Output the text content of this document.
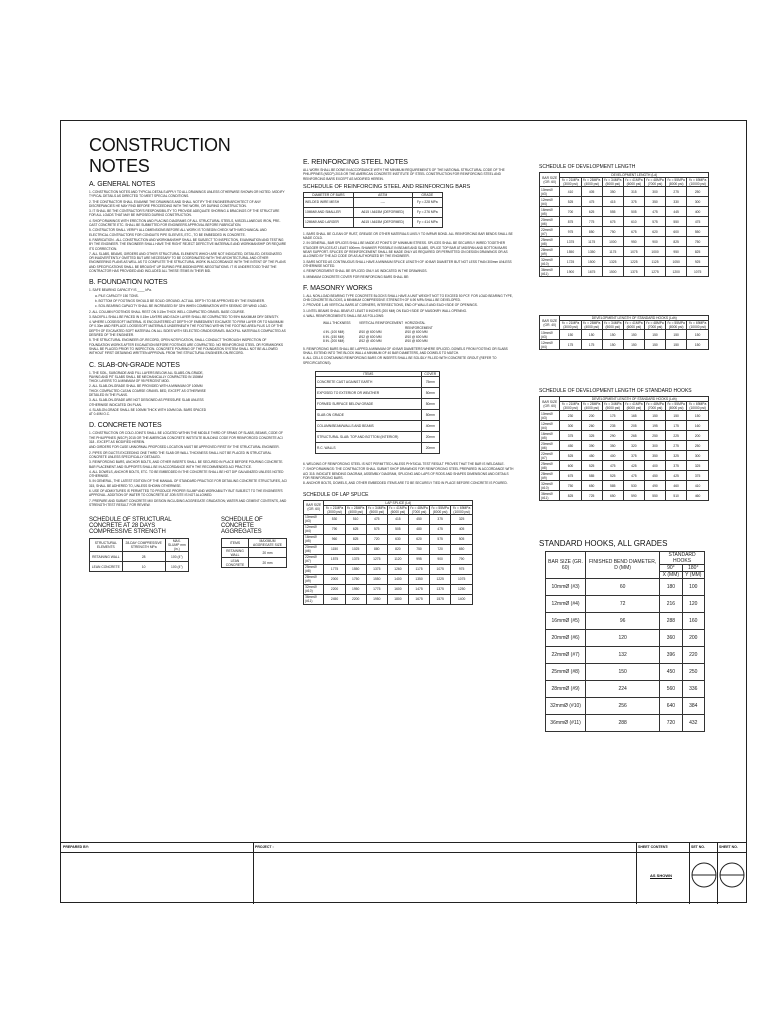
CONSTRUCTION NOTES
A. GENERAL NOTES
1. CONSTRUCTION NOTES AND TYPICAL DETAILS APPLY TO ALL DRAWINGS UNLESS OTHERWISE SHOWN OR NOTED. MODIFY TYPICAL DETAILS AS DIRECTED TO MEET SPECIAL CONDITIONS.
2. THE CONTRACTOR SHALL EXAMINE THE DRAWINGS AND SHALL NOTIFY THE ENGINEER/ARCHITECT OF ANY DISCREPANCIES HE MAY FIND BEFORE PROCEEDING WITH THE WORK, OR DURING CONSTRUCTION.
3. IT SHALL BE THE CONTRACTOR'S RESPONSIBILITY TO PROVIDE ADEQUATE SHORING & BRACINGS OF THE STRUCTURE FOR ALL LOADS THAT MAY BE IMPOSED DURING CONSTRUCTION.
4. SHOP DRAWINGS WITH ERECTION AND PLACING DIAGRAMS OF ALL STRUCTURAL STEELS, MISCELLANEOUS IRON, PRE-CAST CONCRETE ETC. SHALL BE SUBMITTED FOR ENGINEERS APPROVAL BEFORE FABRICATION.
5. CONTRACTOR SHALL VERIFY ALL DIMENSIONS BEFORE ALL WORK IS TO BEGIN CHECK WITH MECHANICAL AND ELECTRICAL CONTRACTORS FOR CONDUITS PIPE SLEEVES, ETC., TO BE EMBEDDED IN CONCRETE.
6. FABRICATION - ALL CONSTRUCTION AND WORKMANSHIP SHALL BE SUBJECT TO INSPECTION, EXAMINATION AND TESTING BY THE ENGINEER. THE ENGINEER SHALL HAVE THE RIGHT REJECT DEFECTIVE MATERIALS AND WORKMANSHIP OR REQUIRE ITS CORRECTION.
7. ALL SLABS, BEAMS, GIRDERS AND OTHER STRUCTURAL ELEMENTS WHICH ARE NOT INDICATED, DETAILED, DESIGNATED OR INADVERTENTLY OMITTED BUT ARE NECESSARY TO BE COORDINATED WITH THE ARCHITECTURAL AND OTHER ENGINEERING PLANS AS WELL AS TO COMPLETE THE STRUCTURAL WORK IN ACCORDANCE WITH THE INTENT OF THE PLANS AND SPECIFICATIONS SHALL BE BROUGHT UP DURING PRE-BIDDING/PRE-NEGOTIATIONS. IT IS UNDERSTOOD THAT THE CONTRACTOR HAS PROVIDED AND INCLUDED ALL THESE ITEMS IN THEIR BID.
B. FOUNDATION NOTES
1. SAFE BEARING CAPACITY IS ____ kPa.
a. PILE CAPACITY 150 TONS.
b. BOTTOM OF FOOTINGS SHOULD BE SOLID GROUND. ACTUAL DEPTH TO BE APPROVED BY THE ENGINEER.
c. SOIL BEARING CAPACITY SHALL BE INCREASED BY 33% WHEN COMBINATION WITH SEISMIC OR WIND LOAD.
2. ALL COLUMN FOOTINGS SHALL REST ON 0.15m THICK WELL COMPACTED GRAVEL BASE COURSE.
3. BACKFILL SHALL BE PACED IN 0.15m LAYERS AND EACH LAYER SHALL BE COMPACTED TO 95% MAXIMUM DRY DENSITY.
4. WHERE LOOSE/SOFT MATERIAL IS ENCOUNTERED AT DEPTH OF EMBEDMENT EXCAVATE TO FIRM LAYER OR TO MAXIMUM OF 0.30m AND REPLACE LOOSE/SOFT MATERIALS UNDERNEATH THE FOOTING WITHIN THE FOOTING AREA PLUS 1/2 OF THE DEPTH OF EXCAVATED SOFT MATERIAL ON ALL SIDES WITH SELECTED GRADE/GRAVEL BACKFILL MATERIALS COMPACTED AS DESIRED OF THE ENGINEER.
5. THE STRUCTURAL ENGINEER-OF-RECORD, OPEN NOTIFICATION, SHALL CONDUCT THOROUGH INSPECTION OF FOUNDATION WORKS AFTER EXCAVATION BEFORE FOOTINGS ARE COMPACTED. NO REINFORCING STEEL OR FORMWORKS SHALL BE PLACED PRIOR TO INSPECTION. CONCRETE POURING OF THE FOUNDATION SYSTEM SHALL NOT BE ALLOWED WITHOUT FIRST OBTAINING WRITTEN APPROVAL FROM THE STRUCTURAL ENGINEER-ON-RECORD.
C. SLAB-ON-GRADE NOTES
1. THE SOIL, SUBGRADE AND FILL LAYERS BELOW ALL SLABS-ON-GRADE, PAVING AND PIT SLABS SHALL BE MECHANICALLY COMPACTED IN 150MM THICK LAYERS TO A MINIMUM OF 95 PERCENT MDD.
2. ALL SLAB-ON-GRADE SHALL BE PROVIDED WITH A MINIMUM OF 100MM THICK COMPACTED CLEAN COARSE GRAVEL BED, EXCEPT AS OTHERWISE DETAILED IN THE PLANS.
3. ALL SLAB-ON-GRADE ARE NOT DESIGNED AS PRESSURE SLAB UNLESS OTHERWISE INDICATED ON PLAN.
4. SLAB-ON-GRADE SHALL BE 100MM THICK WITH 10MM DIA. BARS SPACED AT 0.40M O.C.
D. CONCRETE NOTES
1. CONSTRUCTION OR COLD JOINTS SHALL BE LOCATED WITHIN THE MIDDLE THIRD OF SPANS OF SLABS, BEAMS, CODE OF THE PHILIPPINES (NSCP) 2015 OR THE AMERICAN CONCRETE INSTITUTE BUILDING CODE FOR REINFORCED CONCRETE ACI 318 - EXCEPT AS MODIFIED HEREIN.
AND GIRDERS FOR CASE UNNORMAL PROPOSED LOCATION MUST BE APPROVED FIRST BY THE STRUCTURAL ENGINEER.
2. PIPES OR DUCTS EXCEEDING ONE THIRD THE SLAB OR WALL THICKNESS SHALL NOT BE PLACED IN STRUCTURAL CONCRETE UNLESS SPECIFICALLY DETAILED.
3. REINFORCING BARS, ANCHOR BOLTS, AND OTHER INSERTS SHALL BE SECURED IN PLACE BEFORE POURING CONCRETE. BAR PLACEMENT AND SUPPORTS SHALL BE IN ACCORDANCE WITH THE RECOMMENDED ACI PRACTICE.
4. ALL DOWELS, ANCHOR BOLTS, ETC. TO BE EMBEDDED IN THE CONCRETE SHALL BE HOT DIP GALVANIZED UNLESS NOTED OTHERWISE.
5. IN GENERAL, THE LATEST EDITION OF THE MANUAL OF STANDARD PRACTICE FOR DETAILING CONCRETE STRUCTURES, ACI 315, SHALL BE ADHERED TO, UNLESS SHOWN OTHERWISE.
6. USE OF ADMIXTURES IS PERMITTED TO PRODUCE PROPER SLUMP AND WORKABILITY BUT SUBJECT TO THE ENGINEER'S APPROVAL. ADDITION OF WATER TO CONCRETE AT JOB SITE IS NOT ALLOWED.
7. PREPARE AND SUBMIT CONCRETE MIX DESIGN INCLUDING AGGREGATE GRADATION; WATER AND CEMENT CONTENTS, AND STRENGTH TEST RESULT FOR REVIEW.
SCHEDULE OF STRUCTURAL CONCRETE AT 28 DAYS COMPRESSIVE STRENGTH
STRUCTURAL ELEMENTS	28-DAY COMPRESSIVE STRENGTH MPa	MAX. SLUMP mm (in.)
RETAINING WALL	28	100 (4")
LEAN CONCRETE	10	100 (4")
SCHEDULE OF CONCRETE AGGREGATES
ITEMS	MAXIMUM AGGREGATE SIZE
RETAINING WALL	20 mm
LEAN CONCRETE	20 mm
E. REINFORCING STEEL NOTES
ALL WORK SHALL BE DONE IN ACCORDANCE WITH THE MINIMUM REQUIREMENTS OF THE NATIONAL STRUCTURAL CODE OF THE PHILIPPINES (NSCP) 2015 OR THE AMERICAN CONCRETE INSTITUTE OF STEEL CONSTRUCTION FOR REINFORCING STEEL AND REINFORCING BARS EXCEPT AS MODIFIED HEREIN.
SCHEDULE OF REINFORCING STEEL AND REINFORCING BARS
DIAMETER OF BARS	ASTM	GRADE
WELDED WIRE MESH	----	Fy = 228 MPa
10MMØ AND SMALLER	A615 / A615M (DEFORMED)	Fy = 276 MPa
12MMØ AND LARGER	A615 / A615M (DEFORMED)	Fy = 414 MPa
1. BARS SHALL BE CLEAN OF RUST, GREASE OR OTHER MATERIALS LIKELY TO IMPAIR BOND. ALL REINFORCING BAR BENDS SHALL BE MADE COLD.
2. IN GENERAL, BAR SPLICES SHALL BE MADE AT POINTS OF MINIMUM STRESS. SPLICES SHALL BE SECURELY WIRED TOGETHER STAGGER SPLICES AT LEAST 600mm. SHANKER POSSIBLE IN BEAMS AND SLABS, SPLICE TOP BAR AT MIDSPAN AND BOTTOM BARS NEAR SUPPORT. SPLICES OF REINFORCEMENT SHALL BE MADE ONLY AS REQUIRED OR PERMITTED ON DESIGN DRAWINGS OR AS ALLOWED BY THE ACI CODE OR AS AUTHORIZED BY THE ENGINEER.
3. BARS NOTED AS CONTINUOUS SHALL HAVE A MINIMUM SPLICE LENGTH OF 40 BAR DIAMETER BUT NOT LESS THAN 300mm UNLESS OTHERWISE NOTED.
4. REINFORCEMENT SHALL BE SPLICED ONLY AS INDICATED IN THE DRAWINGS.
5. MINIMUM CONCRETE COVER FOR REINFORCING BARS SHALL BE:
F. MASONRY WORKS
1. ALL NON-LOAD BEARING TYPE CONCRETE BLOCKS SHALL HAVE A UNIT WEIGHT NOT TO EXCEED 50 PCF. FOR LOAD BEARING TYPE, CHB CONCRETE BLOCKS, A MINIMUM COMPRESSIVE STRENGTH OF 6.90 MPA SHALL BE DEVELOPED.
2. PROVIDE 1-#5 VERTICAL BARS AT CORNERS, INTERSECTIONS, END OF WALLS AND EACH SIDE OF OPENINGS.
3. LINTEL BEAMS SHALL BEAR AT LEAST 8 INCHES (200 MM) ON EACH SIDE OF MASONRY WALL OPENING.
4. WALL REINFORCEMENTS SHALL BE AS FOLLOWS:
WALL THICKNESS	VERTICAL REINFORCEMENT HORIZONTAL REINFORCEMENT
4 IN. (100 MM)	Ø10 @ 600 MM	Ø10 @ 600 MM
6 IN. (150 MM)	Ø12 @ 600 MM	Ø10 @ 600 MM
8 IN. (200 MM)	Ø12 @ 400 MM	Ø10 @ 600 MM
5. REINFORCING BARS SHALL BE LAPPED A MINIMUM OF 40 BAR DIAMETERS WHERE SPLICED. DOWELS FROM FOOTING OR SLABS SHALL EXTEND INTO THE BLOCK WALL A MINIMUM OF 40 BAR DIAMETERS, AND DOWELS TO MATCH.
6. ALL CELLS CONTAINING REINFORCING BARS OR INSERTS SHALL BE SOLIDLY FILLED WITH CONCRETE GROUT (REFER TO SPECIFICATIONS).
ITEMS	COVER
CONCRETE CAST AGAINST EARTH	75mm
EXPOSED TO EXTERIOR OR WEATHER	50mm
FORMED SURFACE BELOW GRADE	50mm
SLAB ON GRADE	50mm
COLUMN/BEAM/WALLS AND BEAMS	40mm
STRUCTURAL SLAB: TOP AND BOTTOM (INTERIOR)	20mm
R.C. WALLS	20mm
6. WELDING OF REINFORCING STEEL IS NOT PERMITTED UNLESS PHYSICAL TEST RESULT PROVES THAT THE BAR IS WELDABLE.
7. SHOP DRAWINGS: THE CONTRACTOR SHALL SUBMIT SHOP DRAWINGS FOR REINFORCING STEEL PREPARED IN ACCORDANCE WITH ACI 315. INDICATE BENDING DIAGRAM, ASSEMBLY DIAGRAM, SPLICING AND LAPS OF RODS AND SHAPES DIMENSIONS AND DETAILS FOR REINFORCING BARS.
8. ANCHOR BOLTS, DOWELS, AND OTHER EMBEDDED ITEMS ARE TO BE SECURELY TIED IN PLACE BEFORE CONCRETE IS POURED.
SCHEDULE OF LAP SPLICE
BAR SIZE (GR. 60)	LAP SPLICE (Ld)						
	f'c = 21MPa (3000 psi)	f'c = 28MPa (4000 psi)	f'c = 34MPa (5000 psi)	f'c = 41MPa (6000 psi)	f'c = 48MPa (7000 psi)	f'c = 55MPa (8000 psi)	f'c = 69MPa (10000 psi)
10mmØ (#3)	530	510	475	415	450	375	325
12mmØ (#4)	790	625	575	505	480	475	405
16mmØ (#5)	960	825	720	630	620	575	505
20mmØ (#6)	1150	1025	880	820	750	720	650
22mmØ (#7)	1575	1375	1275	1120	995	900	790
25mmØ (#8)	1775	1550	1375	1260	1175	1075	975
28mmØ (#9)	2000	1750	1550	1400	1350	1225	1075
32mmØ (#10)	2200	1950	1775	1600	1475	1375	1250
36mmØ (#11)	2450	2200	1950	1800	1675	1575	1400
SCHEDULE OF DEVELOPMENT LENGTH
BAR SIZE (GR. 60)	DEVELOPMENT LENGTH (Ld)						
	f'c = 21MPa (3000 psi)	f'c = 28MPa (4000 psi)	f'c = 34MPa (5000 psi)	f'c = 41MPa (6000 psi)	f'c = 48MPa (7000 psi)	f'c = 55MPa (8000 psi)	f'c = 69MPa (10000 psi)
10mmØ (#3)	410	405	350	315	300	275	250
12mmØ (#4)	525	475	415	375	350	330	300
16mmØ (#5)	700	625	555	505	475	445	400
20mmØ (#6)	875	775	675	610	575	550	475
22mmØ (#7)	975	850	750	675	620	600	550
25mmØ (#8)	1375	1175	1000	950	900	825	750
28mmØ (#9)	1550	1350	1175	1075	1000	950	825
32mmØ (#10)	1725	1500	1325	1225	1125	1050	925
36mmØ (#11)	1900	1675	1500	1375	1275	1200	1075
BAR SIZE (GR. 40)	DEVELOPMENT LENGTH OF STANDARD HOOKS (Ldh)						
	f'c = 21MPa (3000 psi)	f'c = 28MPa (4000 psi)	f'c = 34MPa (5000 psi)	f'c = 41MPa (6000 psi)	f'c = 48MPa (7000 psi)	f'c = 55MPa (8000 psi)	f'c = 69MPa (10000 psi)
10mmØ (#3)	150	150	150	150	150	150	150
12mmØ (#4)	175	175	150	150	150	150	150
SCHEDULE OF DEVELOPMENT LENGTH OF STANDARD HOOKS
BAR SIZE (GR. 60)	DEVELOPMENT LENGTH OF STANDARD HOOKS (Ldh)						
	f'c = 21MPa (3000 psi)	f'c = 28MPa (4000 psi)	f'c = 34MPa (5000 psi)	f'c = 41MPa (6000 psi)	f'c = 48MPa (7000 psi)	f'c = 55MPa (8000 psi)	f'c = 69MPa (10000 psi)
10mmØ (#3)	230	200	175	165	150	150	150
12mmØ (#4)	300	260	235	205	195	175	160
16mmØ (#5)	375	325	290	265	250	225	200
20mmØ (#6)	450	390	350	320	300	275	250
22mmØ (#7)	525	450	400	375	350	325	300
25mmØ (#8)	600	525	475	425	400	375	325
28mmØ (#9)	675	585	525	475	450	425	375
32mmØ (#10)	750	650	585	530	490	460	410
36mmØ (#11)	825	725	650	590	550	510	460
STANDARD HOOKS, ALL GRADES
BAR SIZE (GR. 60)	FINISHED BEND DIAMETER, D (MM)	STANDARD HOOKS	
		90°	180°
		X (MM)	Y (MM)
10mmØ (#3)	60	180	100
12mmØ (#4)	72	216	120
16mmØ (#5)	96	288	160
20mmØ (#6)	120	360	200
22mmØ (#7)	132	396	220
25mmØ (#8)	150	450	250
28mmØ (#9)	224	560	336
32mmØ (#10)	256	640	384
36mmØ (#11)	288	720	432
PREPARED BY:	PROJECT :	SHEET CONTENT:
AS SHOWN
SET NO.	SHEET NO.
